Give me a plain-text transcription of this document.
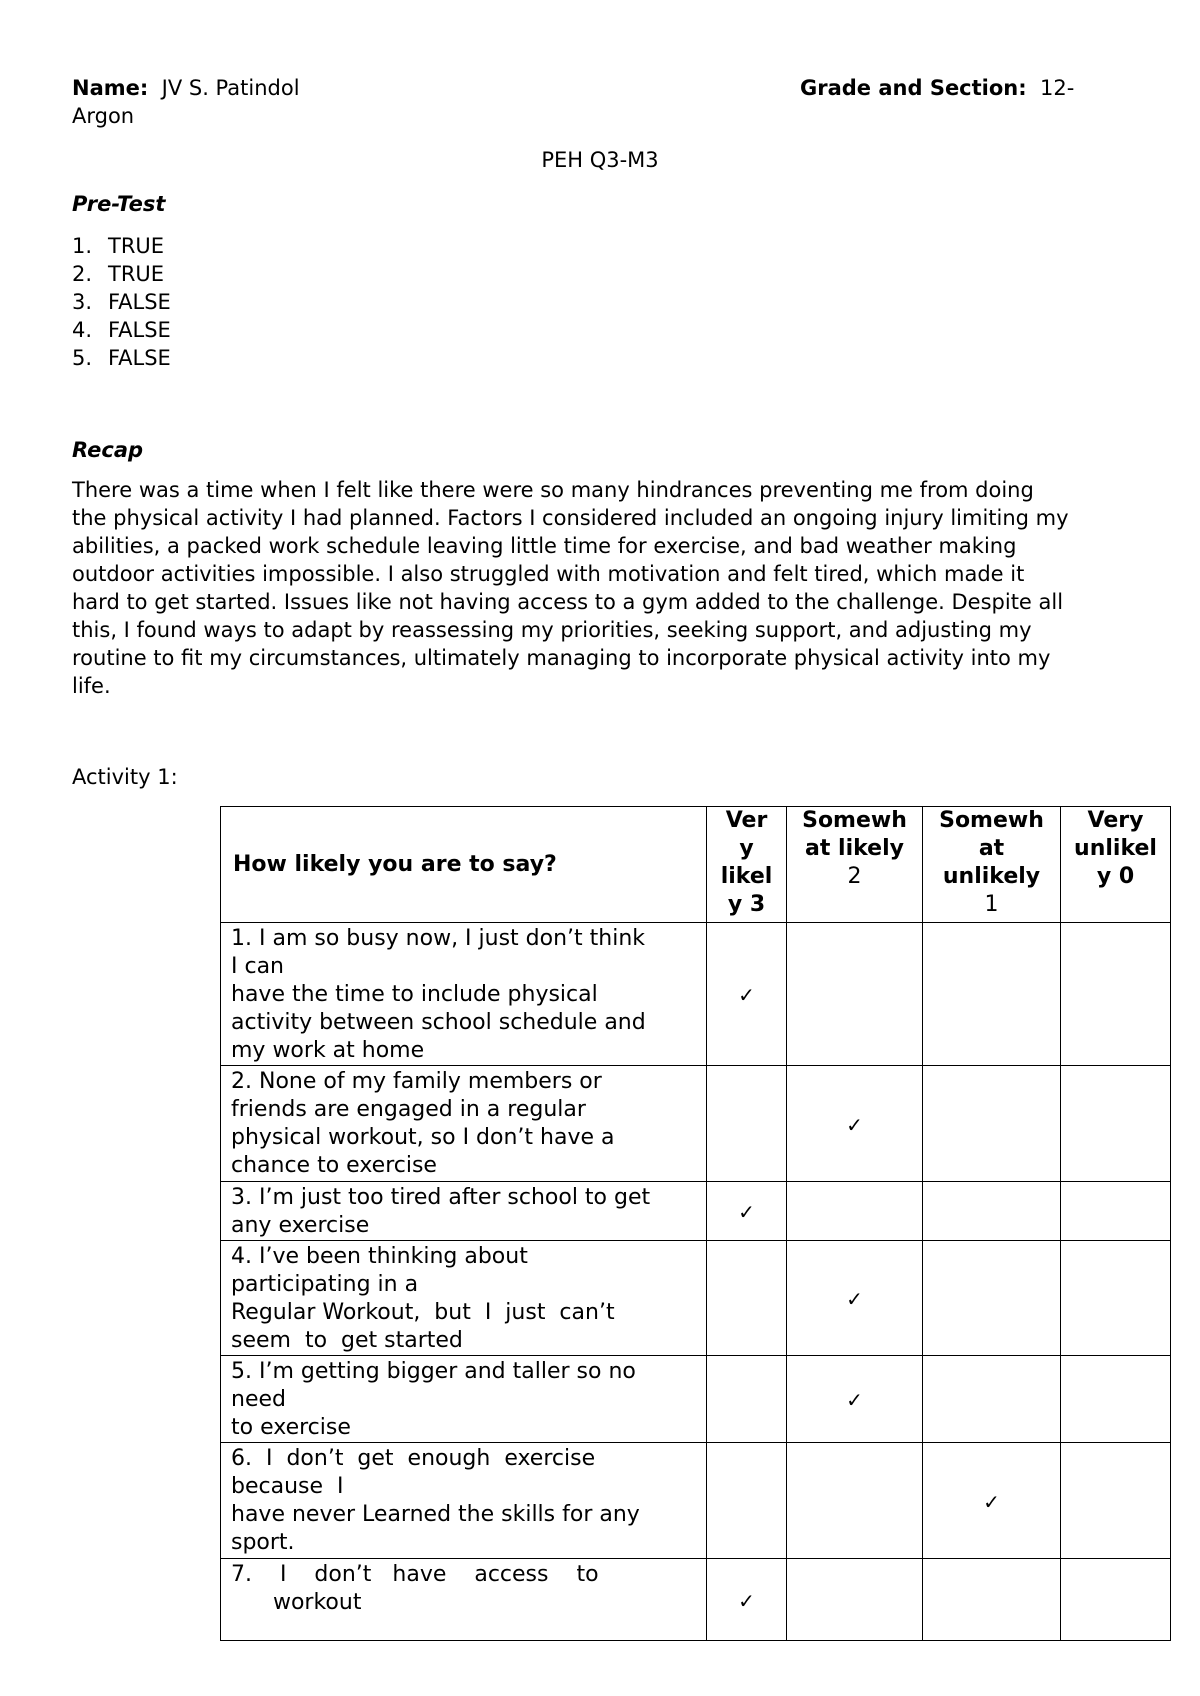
Name: JV S. Patindol	Grade and Section: 12-
Argon
PEH Q3-M3
Pre-Test
1. TRUE
2. TRUE
3. FALSE
4. FALSE
5. FALSE
Recap

There was a time when I felt like there were so many hindrances preventing me from doing
the physical activity I had planned. Factors I considered included an ongoing injury limiting my
abilities, a packed work schedule leaving little time for exercise, and bad weather making
outdoor activities impossible. I also struggled with motivation and felt tired, which made it
hard to get started. Issues like not having access to a gym added to the challenge. Despite all
this, I found ways to adapt by reassessing my priorities, seeking support, and adjusting my
routine to fit my circumstances, ultimately managing to incorporate physical activity into my
life.

Activity 1:
How likely you are to say?	Ver
y
likel
y 3	Somewh
at likely
2	Somewh
at
unlikely
1	Very
unlikel
y 0

1. I am so busy now, I just don’t think
I can
have the time to include physical
activity between school schedule and
my work at home	✓			

2. None of my family members or
friends are engaged in a regular
physical workout, so I don’t have a
chance to exercise		✓		

3. I’m just too tired after school to get
any exercise	✓			

4. I’ve been thinking about
participating in a
Regular Workout,  but  I  just  can’t
seem  to  get started		✓		

5. I’m getting bigger and taller so no
need
to exercise		✓		

6.  I  don’t  get  enough  exercise
because  I
have never Learned the skills for any
sport.			✓	

7.    I    don’t   have    access    to
workout	✓			
